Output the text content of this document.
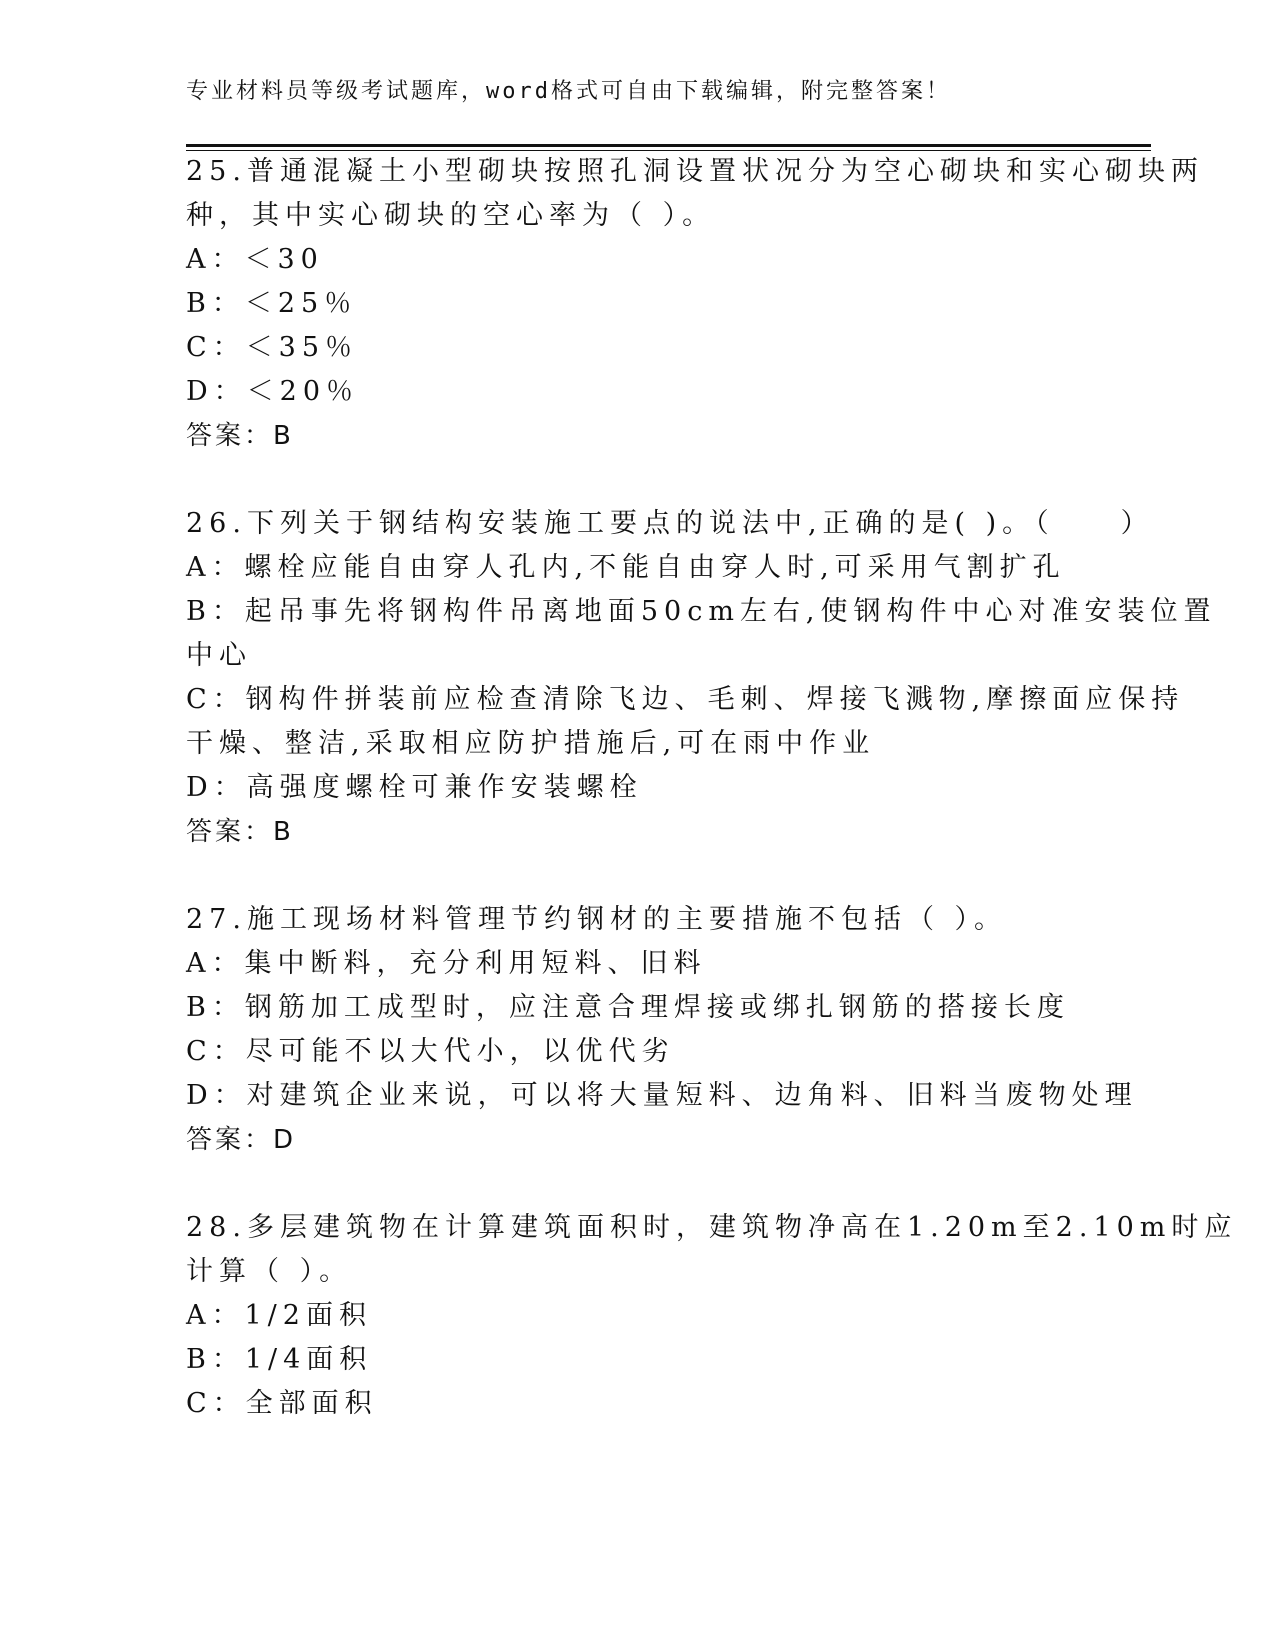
专业材料员等级考试题库，word格式可自由下载编辑，附完整答案！
25.普通混凝土小型砌块按照孔洞设置状况分为空心砌块和实心砌块两
种，其中实心砌块的空心率为（ ）。
A：＜30
B：＜25％
C：＜35％
D：＜20％
答案：B
26.下列关于钢结构安装施工要点的说法中,正确的是( )。（　　）
A：螺栓应能自由穿人孔内,不能自由穿人时,可采用气割扩孔
B：起吊事先将钢构件吊离地面50cm左右,使钢构件中心对准安装位置
中心
C：钢构件拼装前应检查清除飞边、毛刺、焊接飞溅物,摩擦面应保持
干燥、整洁,采取相应防护措施后,可在雨中作业
D：高强度螺栓可兼作安装螺栓
答案：B
27.施工现场材料管理节约钢材的主要措施不包括（ ）。
A：集中断料，充分利用短料、旧料
B：钢筋加工成型时，应注意合理焊接或绑扎钢筋的搭接长度
C：尽可能不以大代小，以优代劣
D：对建筑企业来说，可以将大量短料、边角料、旧料当废物处理
答案：D
28.多层建筑物在计算建筑面积时，建筑物净高在1.20m至2.10m时应
计算（ ）。
A：1/2面积
B：1/4面积
C：全部面积
